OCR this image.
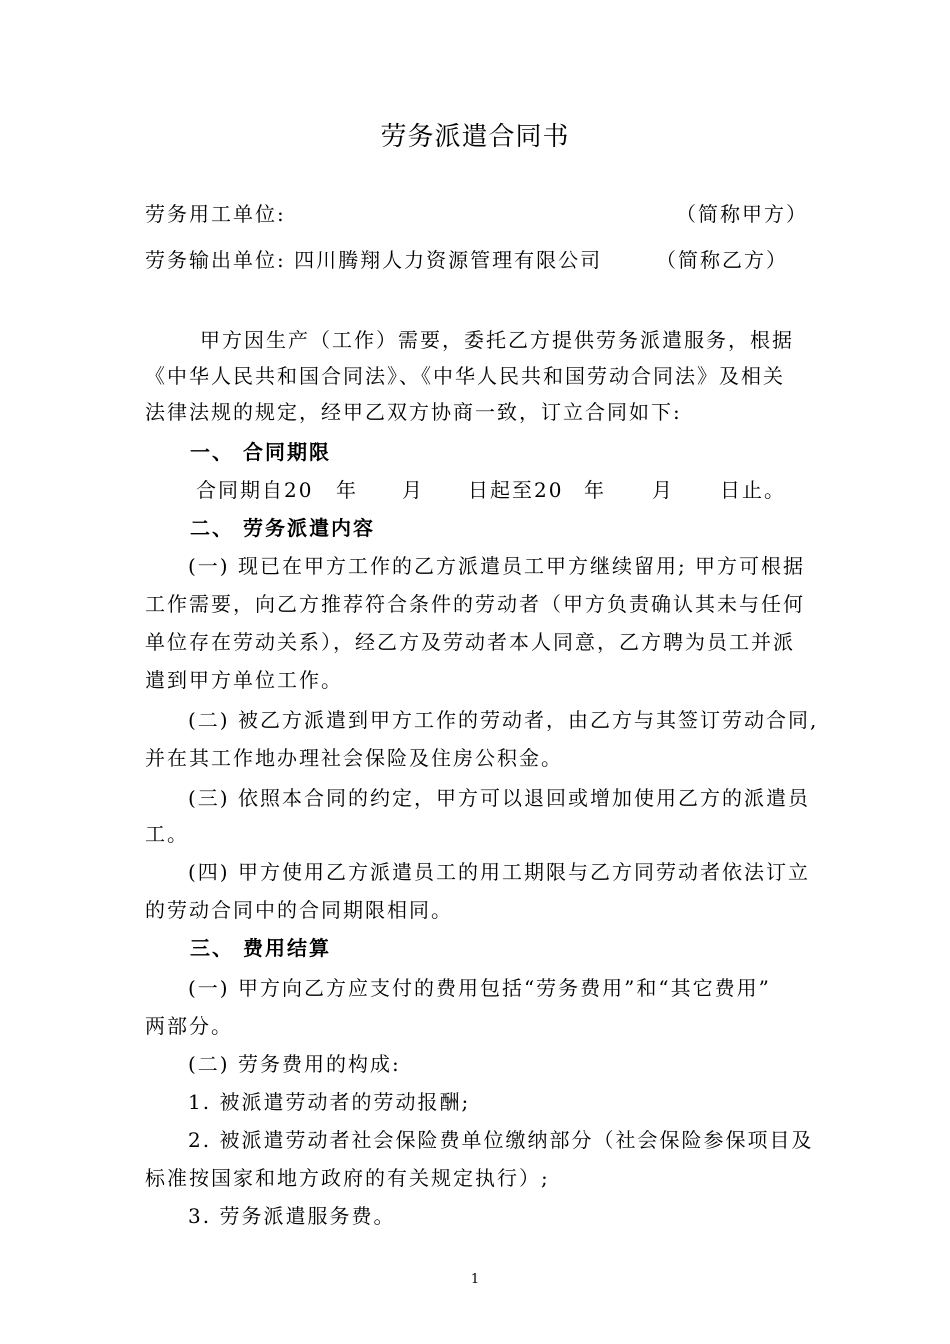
劳务派遣合同书
劳务用工单位:	（简称甲方）
劳务输出单位: 四川腾翔人力资源管理有限公司	（简称乙方）
甲方因生产（工作）需要，委托乙方提供劳务派遣服务，根据
《中华人民共和国合同法》、《中华人民共和国劳动合同法》及相关
法律法规的规定，经甲乙双方协商一致，订立合同如下:
一、 合同期限
合同期自20 年 月 日起至20 年 月 日止。
二、 劳务派遣内容
(一) 现已在甲方工作的乙方派遣员工甲方继续留用; 甲方可根据
工作需要，向乙方推荐符合条件的劳动者（甲方负责确认其未与任何
单位存在劳动关系），经乙方及劳动者本人同意，乙方聘为员工并派
遣到甲方单位工作。
(二) 被乙方派遣到甲方工作的劳动者，由乙方与其签订劳动合同,
并在其工作地办理社会保险及住房公积金。
(三) 依照本合同的约定，甲方可以退回或增加使用乙方的派遣员
工。
(四) 甲方使用乙方派遣员工的用工期限与乙方同劳动者依法订立
的劳动合同中的合同期限相同。
三、 费用结算
(一) 甲方向乙方应支付的费用包括“劳务费用”和“其它费用”
两部分。
(二) 劳务费用的构成:
1. 被派遣劳动者的劳动报酬;
2. 被派遣劳动者社会保险费单位缴纳部分（社会保险参保项目及
标准按国家和地方政府的有关规定执行）;
3. 劳务派遣服务费。
1
